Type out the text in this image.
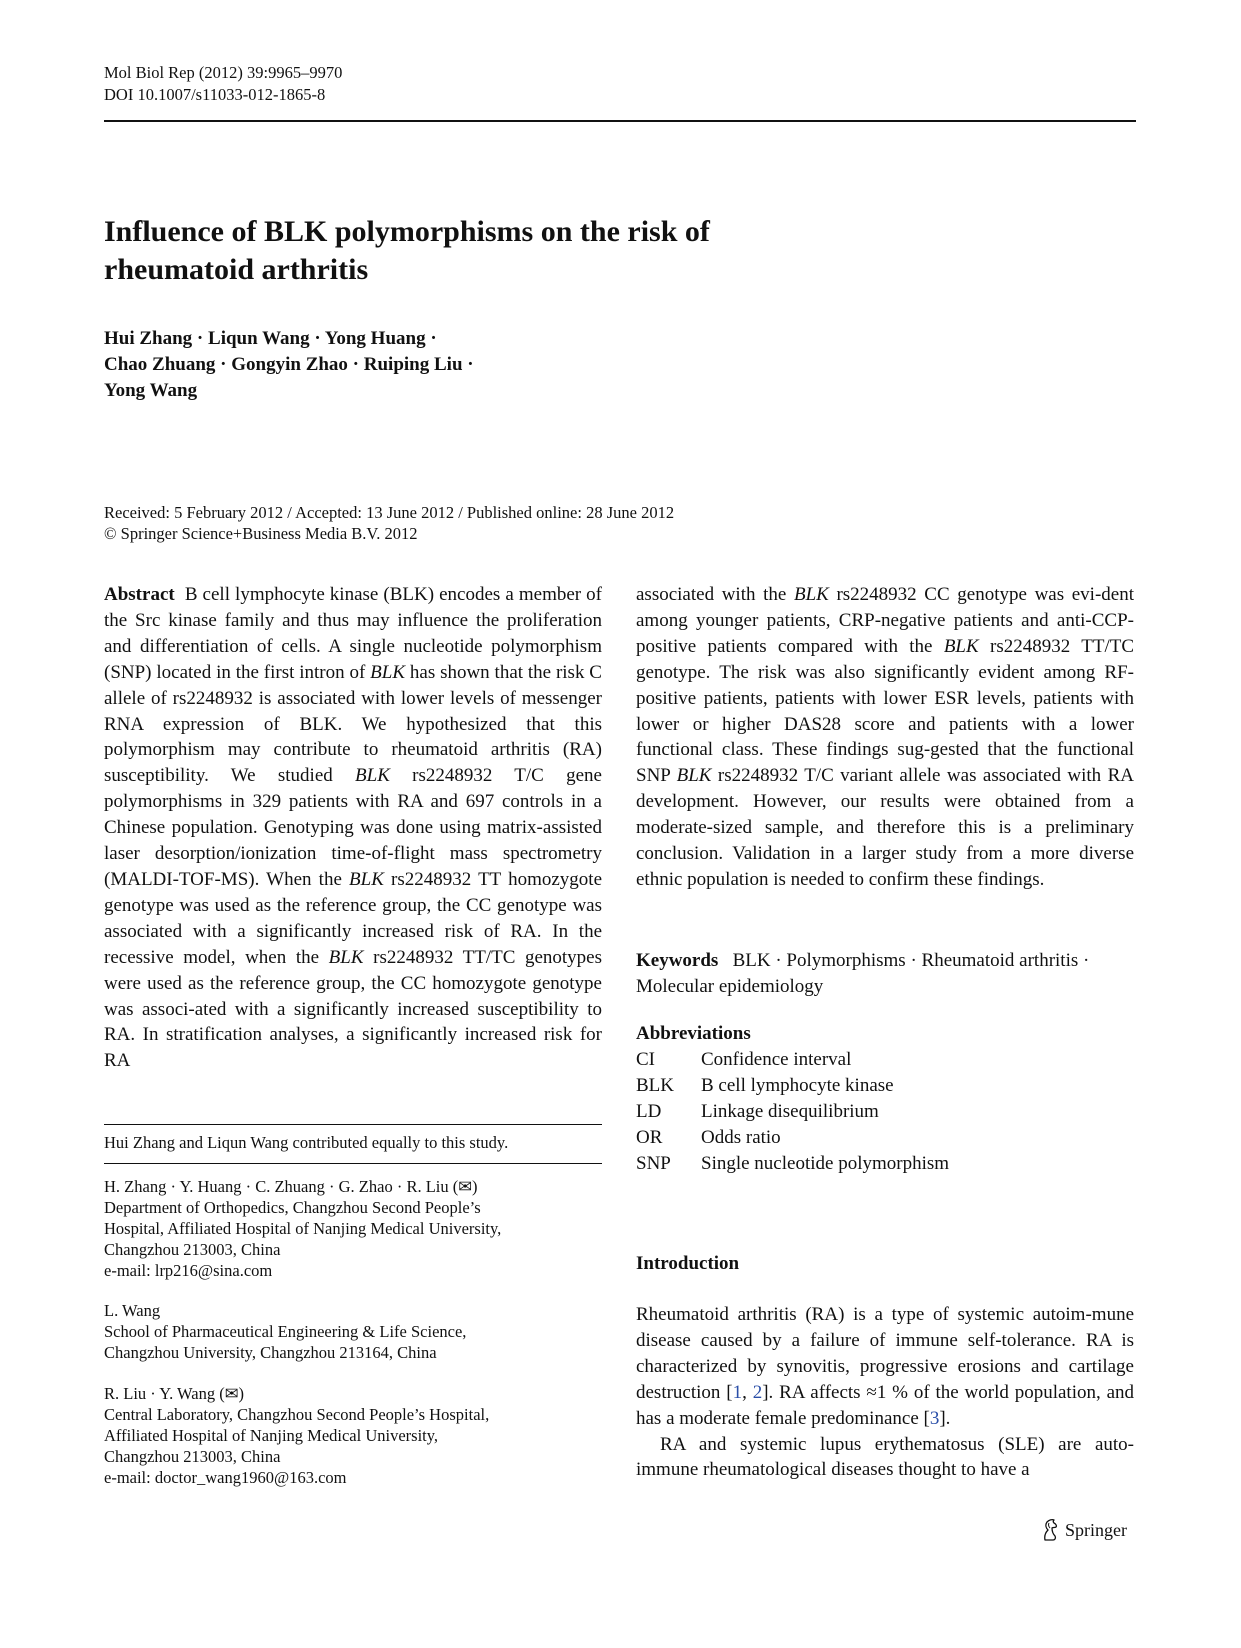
Mol Biol Rep (2012) 39:9965–9970
DOI 10.1007/s11033-012-1865-8
Influence of BLK polymorphisms on the risk of
rheumatoid arthritis
Hui Zhang · Liqun Wang · Yong Huang ·
Chao Zhuang · Gongyin Zhao · Ruiping Liu ·
Yong Wang
Received: 5 February 2012 / Accepted: 13 June 2012 / Published online: 28 June 2012
© Springer Science+Business Media B.V. 2012
Abstract B cell lymphocyte kinase (BLK) encodes a member of the Src kinase family and thus may influence the proliferation and differentiation of cells. A single nucleotide polymorphism (SNP) located in the first intron of BLK has shown that the risk C allele of rs2248932 is associated with lower levels of messenger RNA expression of BLK. We hypothesized that this polymorphism may contribute to rheumatoid arthritis (RA) susceptibility. We studied BLK rs2248932 T/C gene polymorphisms in 329 patients with RA and 697 controls in a Chinese population. Genotyping was done using matrix-assisted laser desorption/ionization time-of-flight mass spectrometry (MALDI-TOF-MS). When the BLK rs2248932 TT homozygote genotype was used as the reference group, the CC genotype was associated with a significantly increased risk of RA. In the recessive model, when the BLK rs2248932 TT/TC genotypes were used as the reference group, the CC homozygote genotype was associ-ated with a significantly increased susceptibility to RA. In stratification analyses, a significantly increased risk for RA
associated with the BLK rs2248932 CC genotype was evi-dent among younger patients, CRP-negative patients and anti-CCP-positive patients compared with the BLK rs2248932 TT/TC genotype. The risk was also significantly evident among RF-positive patients, patients with lower ESR levels, patients with lower or higher DAS28 score and patients with a lower functional class. These findings sug-gested that the functional SNP BLK rs2248932 T/C variant allele was associated with RA development. However, our results were obtained from a moderate-sized sample, and therefore this is a preliminary conclusion. Validation in a larger study from a more diverse ethnic population is needed to confirm these findings.
Keywords BLK · Polymorphisms · Rheumatoid arthritis · Molecular epidemiology
Abbreviations
CI	Confidence interval
BLK	B cell lymphocyte kinase
LD	Linkage disequilibrium
OR	Odds ratio
SNP	Single nucleotide polymorphism
Introduction

Rheumatoid arthritis (RA) is a type of systemic autoim-mune disease caused by a failure of immune self-tolerance. RA is characterized by synovitis, progressive erosions and cartilage destruction [1, 2]. RA affects ≈1 % of the world population, and has a moderate female predominance [3].

RA and systemic lupus erythematosus (SLE) are auto-immune rheumatological diseases thought to have a

Hui Zhang and Liqun Wang contributed equally to this study.
H. Zhang · Y. Huang · C. Zhuang · G. Zhao · R. Liu (✉)
Department of Orthopedics, Changzhou Second People’s
Hospital, Affiliated Hospital of Nanjing Medical University,
Changzhou 213003, China
e-mail: lrp216@sina.com
L. Wang
School of Pharmaceutical Engineering & Life Science,
Changzhou University, Changzhou 213164, China
R. Liu · Y. Wang (✉)
Central Laboratory, Changzhou Second People’s Hospital,
Affiliated Hospital of Nanjing Medical University,
Changzhou 213003, China
e-mail: doctor_wang1960@163.com
Springer
